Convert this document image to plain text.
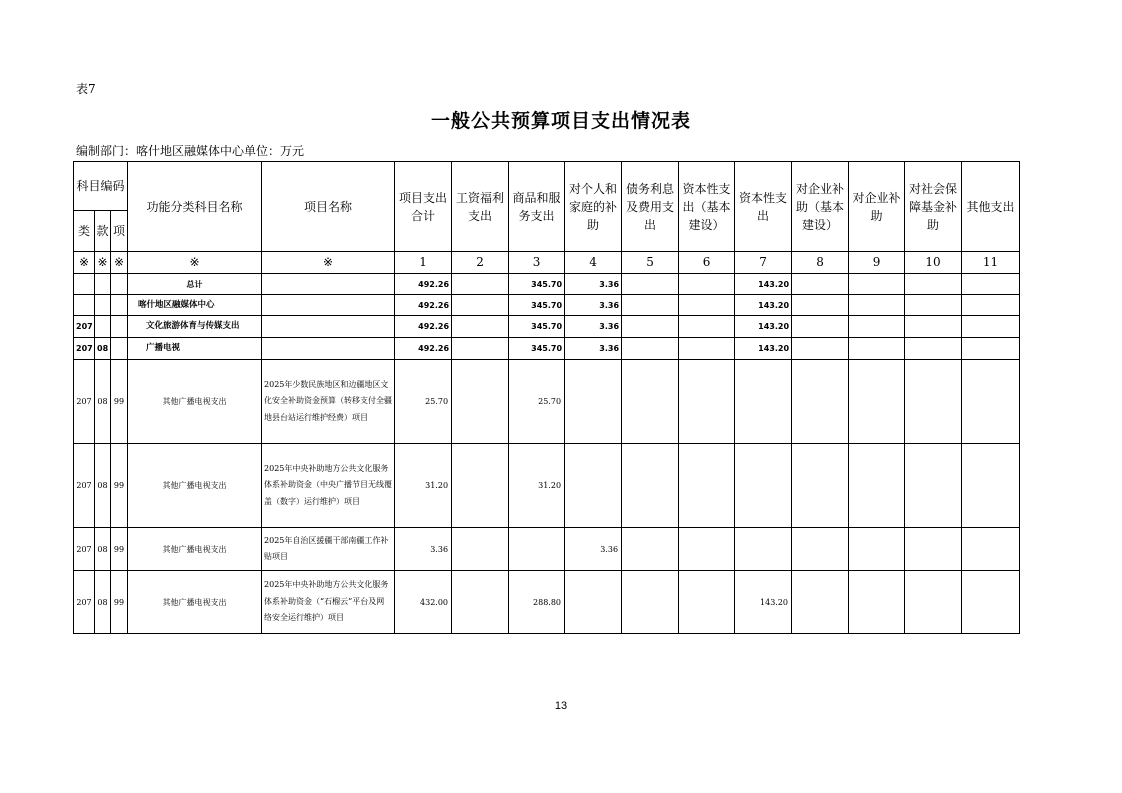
表7
一般公共预算项目支出情况表
编制部门：喀什地区融媒体中心单位：万元
科目编码			功能分类科目名称	项目名称	项目支出合计	工资福利支出	商品和服务支出	对个人和家庭的补助	债务利息及费用支出	资本性支出（基本建设）	资本性支出	对企业补助（基本建设）	对企业补助	对社会保障基金补助	其他支出
类	款	项													
※	※	※	※	※	1	2	3	4	5	6	7	8	9	10	11
			总计		492.26		345.70	3.36			143.20				
			喀什地区融媒体中心		492.26		345.70	3.36			143.20				
207			文化旅游体育与传媒支出		492.26		345.70	3.36			143.20				
207	08		广播电视		492.26		345.70	3.36			143.20				
207	08	99	其他广播电视支出	2025年少数民族地区和边疆地区文化安全补助资金预算（转移支付全疆地县台站运行维护经费）项目	25.70		25.70								
207	08	99	其他广播电视支出	2025年中央补助地方公共文化服务体系补助资金（中央广播节目无线覆盖（数字）运行维护）项目	31.20		31.20								
207	08	99	其他广播电视支出	2025年自治区援疆干部南疆工作补贴项目	3.36			3.36							
207	08	99	其他广播电视支出	2025年中央补助地方公共文化服务体系补助资金（“石榴云”平台及网络安全运行维护）项目	432.00		288.80				143.20				
13
